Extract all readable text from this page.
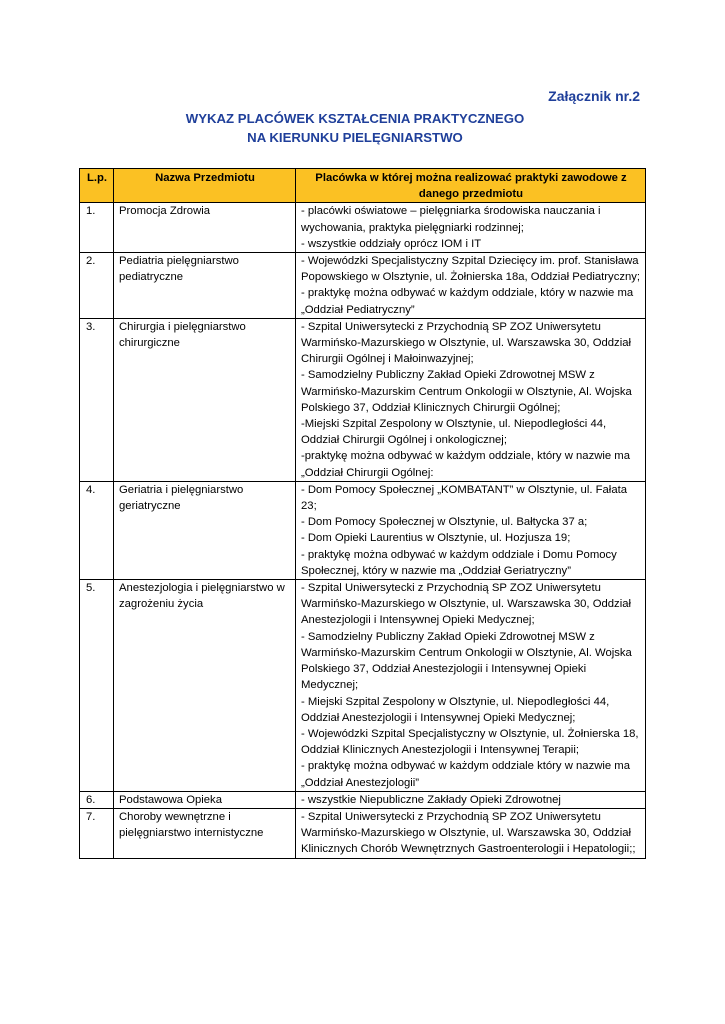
Załącznik nr.2
WYKAZ PLACÓWEK KSZTAŁCENIA PRAKTYCZNEGO
NA KIERUNKU PIELĘGNIARSTWO
L.p.	Nazwa Przedmiotu	Placówka w której można realizować praktyki zawodowe z danego przedmiotu
1.	Promocja Zdrowia	- placówki oświatowe – pielęgniarka środowiska nauczania i wychowania, praktyka pielęgniarki rodzinnej;
- wszystkie oddziały oprócz IOM i IT

2.	Pediatria pielęgniarstwo pediatryczne	- Wojewódzki Specjalistyczny Szpital Dziecięcy im. prof. Stanisława Popowskiego w Olsztynie, ul. Żołnierska 18a, Oddział Pediatryczny;
- praktykę można odbywać w każdym oddziale, który w nazwie ma „Oddział Pediatryczny”

3.	Chirurgia i pielęgniarstwo chirurgiczne	- Szpital Uniwersytecki z Przychodnią SP ZOZ Uniwersytetu Warmińsko-Mazurskiego w Olsztynie, ul. Warszawska 30, Oddział Chirurgii Ogólnej i Małoinwazyjnej;
- Samodzielny Publiczny Zakład Opieki Zdrowotnej MSW z Warmińsko-Mazurskim Centrum Onkologii w Olsztynie, Al. Wojska Polskiego 37, Oddział Klinicznych Chirurgii Ogólnej;
-Miejski Szpital Zespolony w Olsztynie, ul. Niepodległości 44, Oddział Chirurgii Ogólnej i onkologicznej;
-praktykę można odbywać w każdym oddziale, który w nazwie ma „Oddział Chirurgii Ogólnej:

4.	Geriatria i pielęgniarstwo geriatryczne	- Dom Pomocy Społecznej „KOMBATANT” w Olsztynie, ul. Fałata 23;
- Dom Pomocy Społecznej w Olsztynie, ul. Bałtycka 37 a;
- Dom Opieki Laurentius w Olsztynie, ul. Hozjusza 19;
- praktykę można odbywać w każdym oddziale i Domu Pomocy Społecznej, który w nazwie ma „Oddział Geriatryczny”

5.	Anestezjologia i pielęgniarstwo w zagrożeniu życia	- Szpital Uniwersytecki z Przychodnią SP ZOZ Uniwersytetu Warmińsko-Mazurskiego w Olsztynie, ul. Warszawska 30, Oddział Anestezjologii i Intensywnej Opieki Medycznej;
- Samodzielny Publiczny Zakład Opieki Zdrowotnej MSW z Warmińsko-Mazurskim Centrum Onkologii w Olsztynie, Al. Wojska Polskiego 37, Oddział Anestezjologii i Intensywnej Opieki Medycznej;
- Miejski Szpital Zespolony w Olsztynie, ul. Niepodległości 44, Oddział Anestezjologii i Intensywnej Opieki Medycznej;
- Wojewódzki Szpital Specjalistyczny w Olsztynie, ul. Żołnierska 18, Oddział Klinicznych Anestezjologii i Intensywnej Terapii;
- praktykę można odbywać w każdym oddziale który w nazwie ma „Oddział Anestezjologii”

6.	Podstawowa Opieka	- wszystkie Niepubliczne Zakłady Opieki Zdrowotnej

7.	Choroby wewnętrzne i pielęgniarstwo internistyczne	- Szpital Uniwersytecki z Przychodnią SP ZOZ Uniwersytetu Warmińsko-Mazurskiego w Olsztynie, ul. Warszawska 30, Oddział Klinicznych Chorób Wewnętrznych Gastroenterologii i Hepatologii;;
